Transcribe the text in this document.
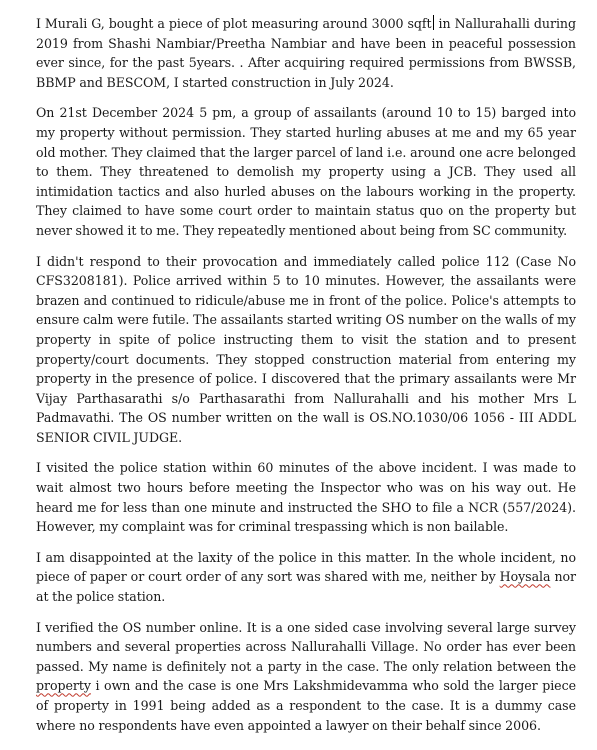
I Murali G, bought a piece of plot measuring around 3000 sqft in Nallurahalli during 2019 from Shashi Nambiar/Preetha Nambiar and have been in peaceful possession ever since, for the past 5years. . After acquiring required permissions from BWSSB, BBMP and BESCOM, I started construction in July 2024.

On 21st December 2024 5 pm, a group of assailants (around 10 to 15) barged into my property without permission. They started hurling abuses at me and my 65 year old mother. They claimed that the larger parcel of land i.e. around one acre belonged to them. They threatened to demolish my property using a JCB. They used all intimidation tactics and also hurled abuses on the labours working in the property. They claimed to have some court order to maintain status quo on the property but never showed it to me. They repeatedly mentioned about being from SC community.

I didn't respond to their provocation and immediately called police 112 (Case No CFS3208181). Police arrived within 5 to 10 minutes. However, the assailants were brazen and continued to ridicule/abuse me in front of the police. Police's attempts to ensure calm were futile. The assailants started writing OS number on the walls of my property in spite of police instructing them to visit the station and to present property/court documents. They stopped construction material from entering my property in the presence of police. I discovered that the primary assailants were Mr Vijay Parthasarathi s/o Parthasarathi from Nallurahalli and his mother Mrs L Padmavathi. The OS number written on the wall is OS.NO.1030/06 1056 - III ADDL SENIOR CIVIL JUDGE.

I visited the police station within 60 minutes of the above incident. I was made to wait almost two hours before meeting the Inspector who was on his way out. He heard me for less than one minute and instructed the SHO to file a NCR (557/2024). However, my complaint was for criminal trespassing which is non bailable.

I am disappointed at the laxity of the police in this matter. In the whole incident, no piece of paper or court order of any sort was shared with me, neither by Hoysala nor at the police station.

I verified the OS number online. It is a one sided case involving several large survey numbers and several properties across Nallurahalli Village. No order has ever been passed. My name is definitely not a party in the case. The only relation between the property i own and the case is one Mrs Lakshmidevamma who sold the larger piece of property in 1991 being added as a respondent to the case. It is a dummy case where no respondents have even appointed a lawyer on their behalf since 2006.
